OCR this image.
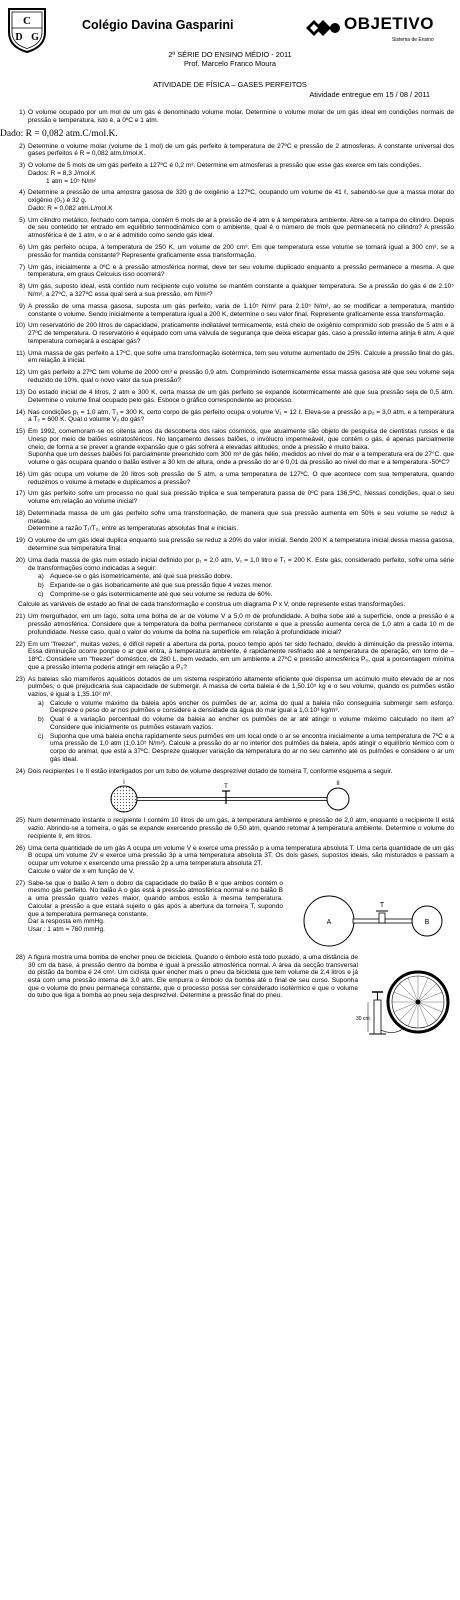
C
D G
Colégio Davina Gasparini	OBJETIVO
Sistema de Ensino
2ª SÉRIE DO ENSINO MÉDIO - 2011
Prof. Marcelo Franco Moura
ATIVIDADE DE FÍSICA – GASES PERFEITOS
Atividade entregue em 15 / 08 / 2011
1) O volume ocupado por um mol de um gás é denominado volume molar. Determine o volume molar de um gás ideal em condições normais de pressão e temperatura, isto é, a 0ºC e 1 atm.

Dado: R = 0,082 atm.C/mol.K.
2) Determine o volume molar (volume de 1 mol) de um gás perfeito à temperatura de 27ºC e pressão de 2 atmosferas. A constante universal dos gases perfeitos é R = 0,082 atm.ℓ/mol.K.

3) O volume de 5 mols de um gás perfeito a 127ºC é 0,2 m³. Determine em atmosferas a pressão que esse gás exerce em tais condições.

Dados: R = 8,3 J/mol.K

1 atm = 10⁵ N/m²

4) Determine a pressão de uma amostra gasosa de 320 g de oxigênio a 127ºC, ocupando um volume de 41 ℓ, sabendo-se que a massa molar do oxigênio (0₂) é 32 g.

Dado: R = 0,082 atm.L/mol.K

5) Um cilindro metálico, fechado com tampa, contém 6 mols de ar à pressão de 4 atm e à temperatura ambiente. Abre-se a tampa do cilindro. Depois de seu conteúdo ter entrado em equilíbrio termodinâmico com o ambiente, qual é o número de mols que permanecerá no cilindro? A pressão atmosférica é de 1 atm, e o ar é admitido como sendo gás ideal.

6) Um gás perfeito ocupa, à temperatura de 250 K, um volume de 200 cm³. Em que temperatura esse volume se tornará igual a 300 cm³, se a pressão for mantida constante? Represente graficamente essa transformação.

7) Um gás, inicialmente a 0ºC e à pressão atmosférica normal, deve ter seu volume duplicado enquanto a pressão permanece a mesma. A que temperatura, em graus Celcuius isso ocorrerá?

8) Um gás, suposto ideal, está contido num recipiente cujo volume se mantém constante a qualquer temperatura. Se a pressão do gás é de 2.10⁵ N/m², a 27ºC, a 327ºC essa qual será a sua pressão, em N/m²?

9) A pressão de uma massa gasosa, suposta um gás perfeito, varia de 1.10⁵ N/m² para 2.10⁵ N/m², ao se modificar a temperatura, mantido constante o volume. Sendo inicialmente a temperatura igual a 200 K, determine o seu valor final. Represente graficamente essa transformação.

10) Um reservatório de 200 litros de capacidade, praticamente indilatável termicamente, está cheio de oxigênio comprimido sob pressão de 5 atm e à 27ºC de temperatura. O reservatório é equipado com uma válvula de segurança que deixa escapar gás, caso a pressão interna atinja 6 atm. A que temperatura começará a escapar gás?

11) Uma massa de gás perfeito a 17ºC, que sofre uma transformação isotérmica, tem seu volume aumentado de 25%. Calcule a pressão final do gás, em relação à inicial.

12) Um gás perfeito a 27ºC tem volume de 2000 cm³ e pressão 0,9 atm. Comprimindo isotermicamente essa massa gasosa até que seu volume seja reduzido de 10%, qual o novo valor da sua pressão?

13) Do estado inicial de 4 litros, 2 atm e 300 K, certa massa de um gás perfeito se expande isotermicamente até que sua pressão seja de 0,5 atm. Determine o volume final ocupado pelo gás. Esboce o gráfico correspondente ao processo.

14) Nas condições p₁ = 1,0 atm, T₁ = 300 K, certo corpo de gás perfeito ocupa o volume V₁ = 12 ℓ. Eleva-se a pressão a p₂ = 3,0 atm, e a temperatura a T₂ = 600 K. Qual o volume V₂ do gás?

15) Em 1992, comemoram-se os oitenta anos da descoberta dos raios cósmicos, que atualmente são objeto de pesquisa de cientistas russos e da Unesp por meio de balões estratosféricos. No lançamento desses balões, o invólucro impermeável, que contém o gás, é apenas parcialmente cheio, de forma a se prever a grande expansão que o gás sofrerá a elevadas altitudes, onde a pressão é muito baixa.

Suponha que um desses balões foi parcialmente preenchido com 300 m³ de gás hélio, medidos ao nível do mar e a temperatura era de 27°C. que volume o gás ocupara quando o balão estiver a 30 km de altura, onde a pressão do ar é 0,01 da pressão ao nível do mar e a temperatura -50ºC?

16) Um gás ocupa um volume de 20 litros sob pressão de 5 atm, a uma temperatura de 127ºC. O que acontece com sua temperatura, quando reduzimos o volume à metade e duplicamos a pressão?

17) Um gás perfeito sofre um processo no qual sua pressão triplica e sua temperatura passa de 0ºC para 136,5ºC, Nessas condições, qual o seu volume em relação ao volume inicial?

18) Determinada massa de um gás perfeito sofre uma transformação, de maneira que sua pressão aumenta em 50% e seu volume se reduz à metade.

Determine a razão T₁/T₂, entre as temperaturas absolutas final e iniciais.

19) O volume de um gás ideal duplica enquanto sua pressão se reduz a 20% do valor inicial. Sendo 200 K a temperatura inicial dessa massa gasosa, determine sua temperatura final.

20) Uma dada massa de gás num estado inicial definido por p₁ = 2,0 atm, V₁ = 1,0 litro e T₁ = 200 K. Este gás, considerado perfeito, sofre uma série de transformações como indicadas a seguir:

a) Aquece-se o gás isometricamente, até que sua pressão dobre.
b) Expande-se o gás isobaricamente até que sua pressão fique 4 vezes menor.
c) Comprime-se o gás isotermicamente até que seu volume se reduza de 60%.

Calcule as variáveis de estado ao final de cada transformação e construa um diagrama P x V, onde represente estas transformações.

21) Um mergulhador, em um lago, solta uma bolha de ar de volume V a 5,0 m de profundidade. A bolha sobe até a superfície, onde a pressão é a pressão atmosférica. Considere que a temperatura da bolha permanece constante e que a pressão aumenta cerca de 1,0 atm a cada 10 m de profundidade. Nesse caso, qual o valor do volume da bolha na superfície em relação à profundidade inicial?

22) Em um "freezer", muitas vezes, é difícil repetir a abertura da porta, pouco tempo após ter sido fechado, devido à diminuição da pressão interna. Essa diminuição ocorre porque o ar que entra, à temperatura ambiente, é rapidamente resfriado até a temperatura de operação, em torno de –18ºC. Considere um "freezer" doméstico, de 280 L, bem vedado, em um ambiente a 27ºC e pressão atmosférica P₀, qual a porcentagem mínima que a pressão interna poderia atingir em relação a P₀?

23) As baleias são mamíferos aquáticos dotados de um sistema respiratório altamente eficiente que dispensa um acúmulo muito elevado de ar nos pulmões, o que prejudicaria sua capacidade de submergir. A massa de certa baleia é de 1,50.10⁵ kg e o seu volume, quando os pulmões estão vazios, é igual a 1,35.10² m³.

a) Calcule o volume máximo da baleia após encher os pulmões de ar, acima do qual a baleia não conseguiria submergir sem esforço. Despreze o peso do ar nos pulmões e considere a densidade da água do mar igual a 1,0.10³ kg/m³.
b) Qual é a variação percentual do volume da baleia ao encher os pulmões de ar até atingir o volume máximo calculado no item a? Considere que inicialmente os pulmões estavam vazios.
c) Suponha que uma baleia encha rapidamente seus pulmões em um local onde o ar se encontra inicialmente a uma temperatura de 7ºC e a uma pressão de 1,0 atm (1,0.10⁵ N/m²). Calcule a pressão do ar no interior dos pulmões da baleia, após atingir o equilíbrio térmico com o corpo do animal, que está a 37ºC. Despreze qualquer variação da temperatura do ar no seu caminho até os pulmões e considere o ar um gás ideal.
24) Dois recipientes I e II estão interligados por um tubo de volume desprezível dotado de torneira T, conforme esquema a seguir.

I
T	II
25) Num determinado instante o recipiente I contém 10 litros de um gás, à temperatura ambiente e pressão de 2,0 atm, enquanto o recipiente II está vazio. Abrindo-se a torneira, o gás se expande exercendo pressão de 0,50 atm, quando retomar à temperatura ambiente. Determine o volume do recipiente II, em litros.

26) Uma certa quantidade de um gás A ocupa um volume V e exerce uma pressão p a uma temperatura absoluta T. Uma certa quantidade de um gás B ocupa um volume 2V e exerce uma pressão 3p a uma temperatura absoluta 3T. Os dois gases, supostos ideais, são misturados e passam a ocupar um volume x exercendo uma pressão 2p a uma temperatura absoluta 2T.

Calcule o valor de x em função de V.

27) Sabe-se que o balão A tem o dobro da capacidade do balão B e que ambos contém o mesmo gás perfeito. No balão A o gás está à pressão atmosférica normal e no balão B a uma pressão quatro vezes maior, quando ambos estão à mesma temperatura. Calcular a pressão a que estará sujeito o gás após a abertura da torneira T, supondo que a temperatura permaneça constante.

Dar a resposta em mmHg.

Usar : 1 atm = 760 mmHg.

A
T
B
28) A figura mostra uma bomba de encher pneu de bicicleta. Quando o êmbolo está todo puxado, a uma distância de 30 cm da base, a pressão dentro da bomba é igual à pressão atmosférica normal. A área da secção transversal do pistão da bomba é 24 cm². Um ciclista quer encher mais o pneu da bicicleta que tem volume de 2,4 litros e já está com uma pressão interna de 3,0 atm. Ele empurra o êmbolo da bomba até o final de seu curso. Suponha que o volume do pneu permaneça constante, que o processo possa ser considerado isotérmico e que o volume do tubo que liga a bomba ao pneu seja desprezível. Determine a pressão final do pneu.

30 cm
